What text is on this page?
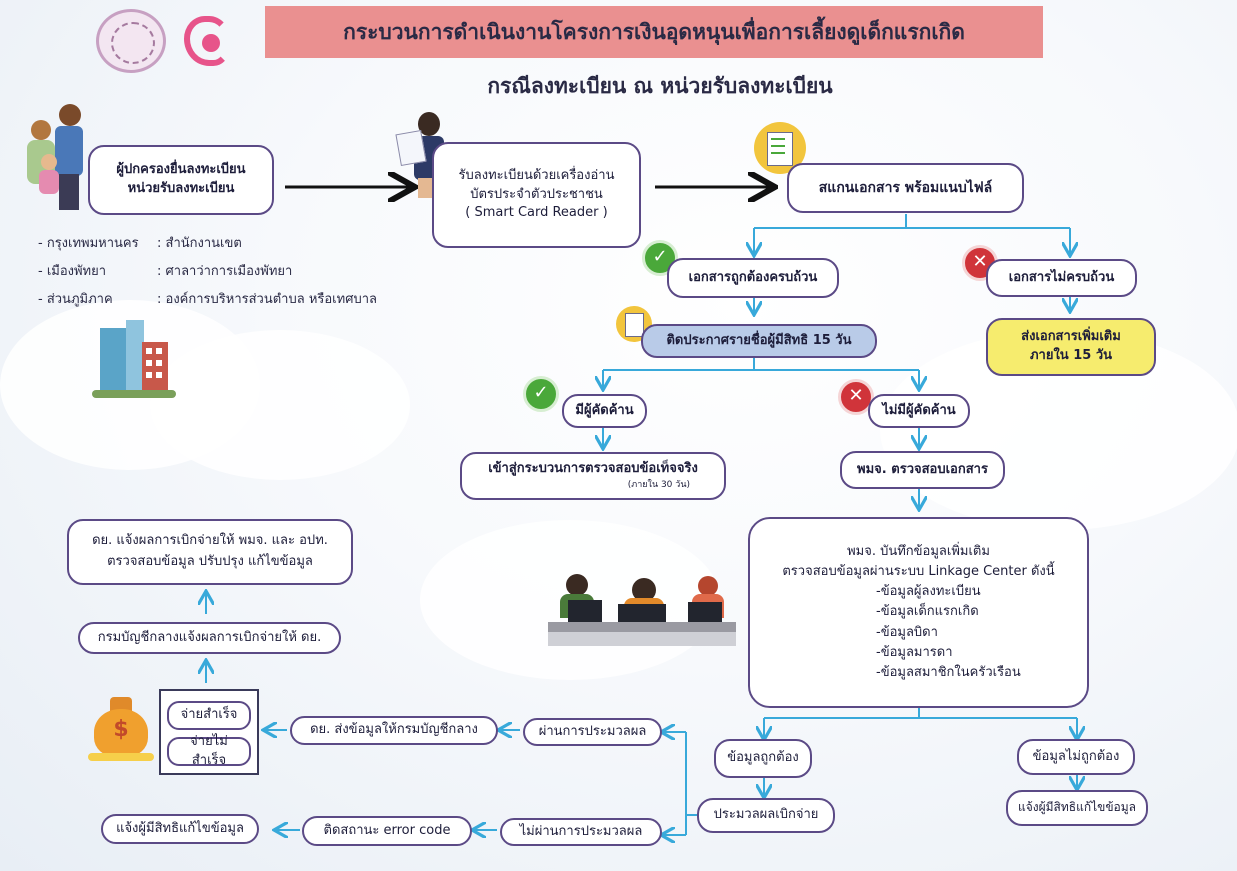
กระบวนการดำเนินงานโครงการเงินอุดหนุนเพื่อการเลี้ยงดูเด็กแรกเกิด
กรณีลงทะเบียน ณ หน่วยรับลงทะเบียน
ผู้ปกครองยื่นลงทะเบียน
หน่วยรับลงทะเบียน
- กรุงเทพมหานคร : สำนักงานเขต
- เมืองพัทยา	: ศาลาว่าการเมืองพัทยา
- ส่วนภูมิภาค	: องค์การบริหารส่วนตำบล หรือเทศบาล
รับลงทะเบียนด้วยเครื่องอ่าน
บัตรประจำตัวประชาชน
( Smart Card Reader )
สแกนเอกสาร พร้อมแนบไฟล์
✓
เอกสารถูกต้องครบถ้วน
✕
เอกสารไม่ครบถ้วน
ส่งเอกสารเพิ่มเติม
ภายใน 15 วัน
ติดประกาศรายชื่อผู้มีสิทธิ 15 วัน
✓
มีผู้คัดค้าน
✕
ไม่มีผู้คัดค้าน
เข้าสู่กระบวนการตรวจสอบข้อเท็จจริง
(ภายใน 30 วัน)
พมจ. ตรวจสอบเอกสาร
พมจ. บันทึกข้อมูลเพิ่มเติม
ตรวจสอบข้อมูลผ่านระบบ Linkage Center ดังนี้
-ข้อมูลผู้ลงทะเบียน
-ข้อมูลเด็กแรกเกิด
-ข้อมูลบิดา
-ข้อมูลมารดา
-ข้อมูลสมาชิกในครัวเรือน
ข้อมูลถูกต้อง	ข้อมูลไม่ถูกต้อง
แจ้งผู้มีสิทธิแก้ไขข้อมูล
ประมวลผลเบิกจ่าย
ผ่านการประมวลผล
ไม่ผ่านการประมวลผล
ดย. ส่งข้อมูลให้กรมบัญชีกลาง
ติดสถานะ error code
แจ้งผู้มีสิทธิแก้ไขข้อมูล
จ่ายสำเร็จ
จ่ายไม่สำเร็จ
$
กรมบัญชีกลางแจ้งผลการเบิกจ่ายให้ ดย.
ดย. แจ้งผลการเบิกจ่ายให้ พมจ. และ อปท.
ตรวจสอบข้อมูล ปรับปรุง แก้ไขข้อมูล
